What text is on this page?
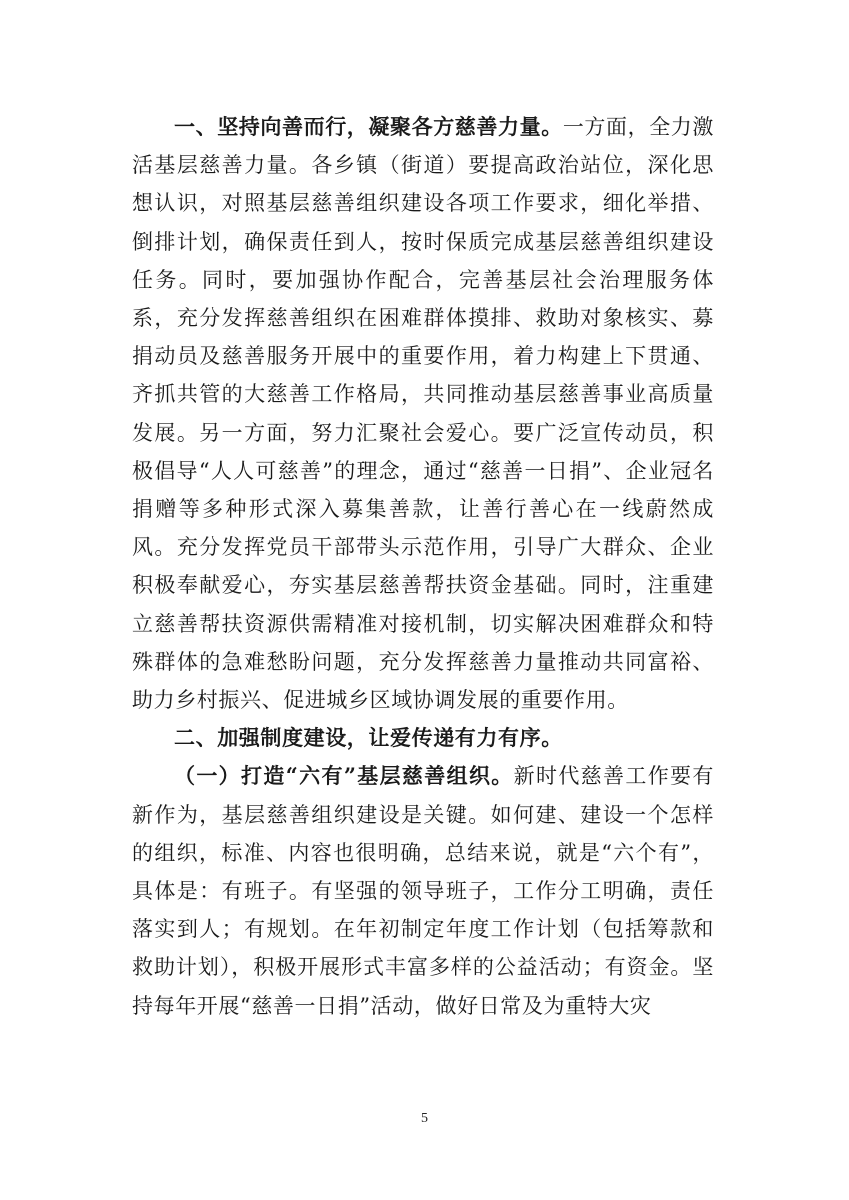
一、坚持向善而行，凝聚各方慈善力量。一方面，全力激活基层慈善力量。各乡镇（街道）要提高政治站位，深化思想认识，对照基层慈善组织建设各项工作要求，细化举措、倒排计划，确保责任到人，按时保质完成基层慈善组织建设任务。同时，要加强协作配合，完善基层社会治理服务体系，充分发挥慈善组织在困难群体摸排、救助对象核实、募捐动员及慈善服务开展中的重要作用，着力构建上下贯通、齐抓共管的大慈善工作格局，共同推动基层慈善事业高质量发展。另一方面，努力汇聚社会爱心。要广泛宣传动员，积极倡导“人人可慈善”的理念，通过“慈善一日捐”、企业冠名捐赠等多种形式深入募集善款，让善行善心在一线蔚然成风。充分发挥党员干部带头示范作用，引导广大群众、企业积极奉献爱心，夯实基层慈善帮扶资金基础。同时，注重建立慈善帮扶资源供需精准对接机制，切实解决困难群众和特殊群体的急难愁盼问题，充分发挥慈善力量推动共同富裕、助力乡村振兴、促进城乡区域协调发展的重要作用。

二、加强制度建设，让爱传递有力有序。

（一）打造“六有”基层慈善组织。新时代慈善工作要有新作为，基层慈善组织建设是关键。如何建、建设一个怎样的组织，标准、内容也很明确，总结来说，就是“六个有”，具体是：有班子。有坚强的领导班子，工作分工明确，责任落实到人；有规划。在年初制定年度工作计划（包括筹款和救助计划），积极开展形式丰富多样的公益活动；有资金。坚持每年开展“慈善一日捐”活动，做好日常及为重特大灾

5
